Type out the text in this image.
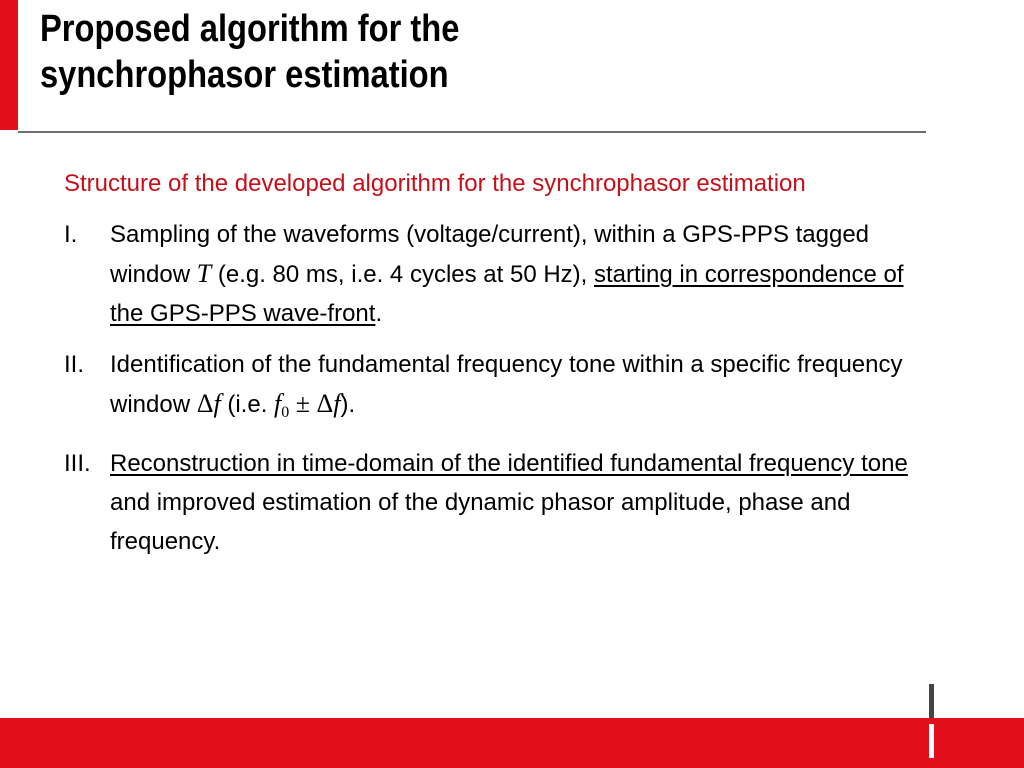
Proposed algorithm for the
synchrophasor estimation

Structure of the developed algorithm for the synchrophasor estimation

I. Sampling of the waveforms (voltage/current), within a GPS-PPS tagged window T (e.g. 80 ms, i.e. 4 cycles at 50 Hz), starting in correspondence of the GPS-PPS wave-front.
II. Identification of the fundamental frequency tone within a specific frequency window Δf (i.e. $f_0 \pm \Delta f$).
III. Reconstruction in time-domain of the identified fundamental frequency tone and improved estimation of the dynamic phasor amplitude, phase and frequency.
